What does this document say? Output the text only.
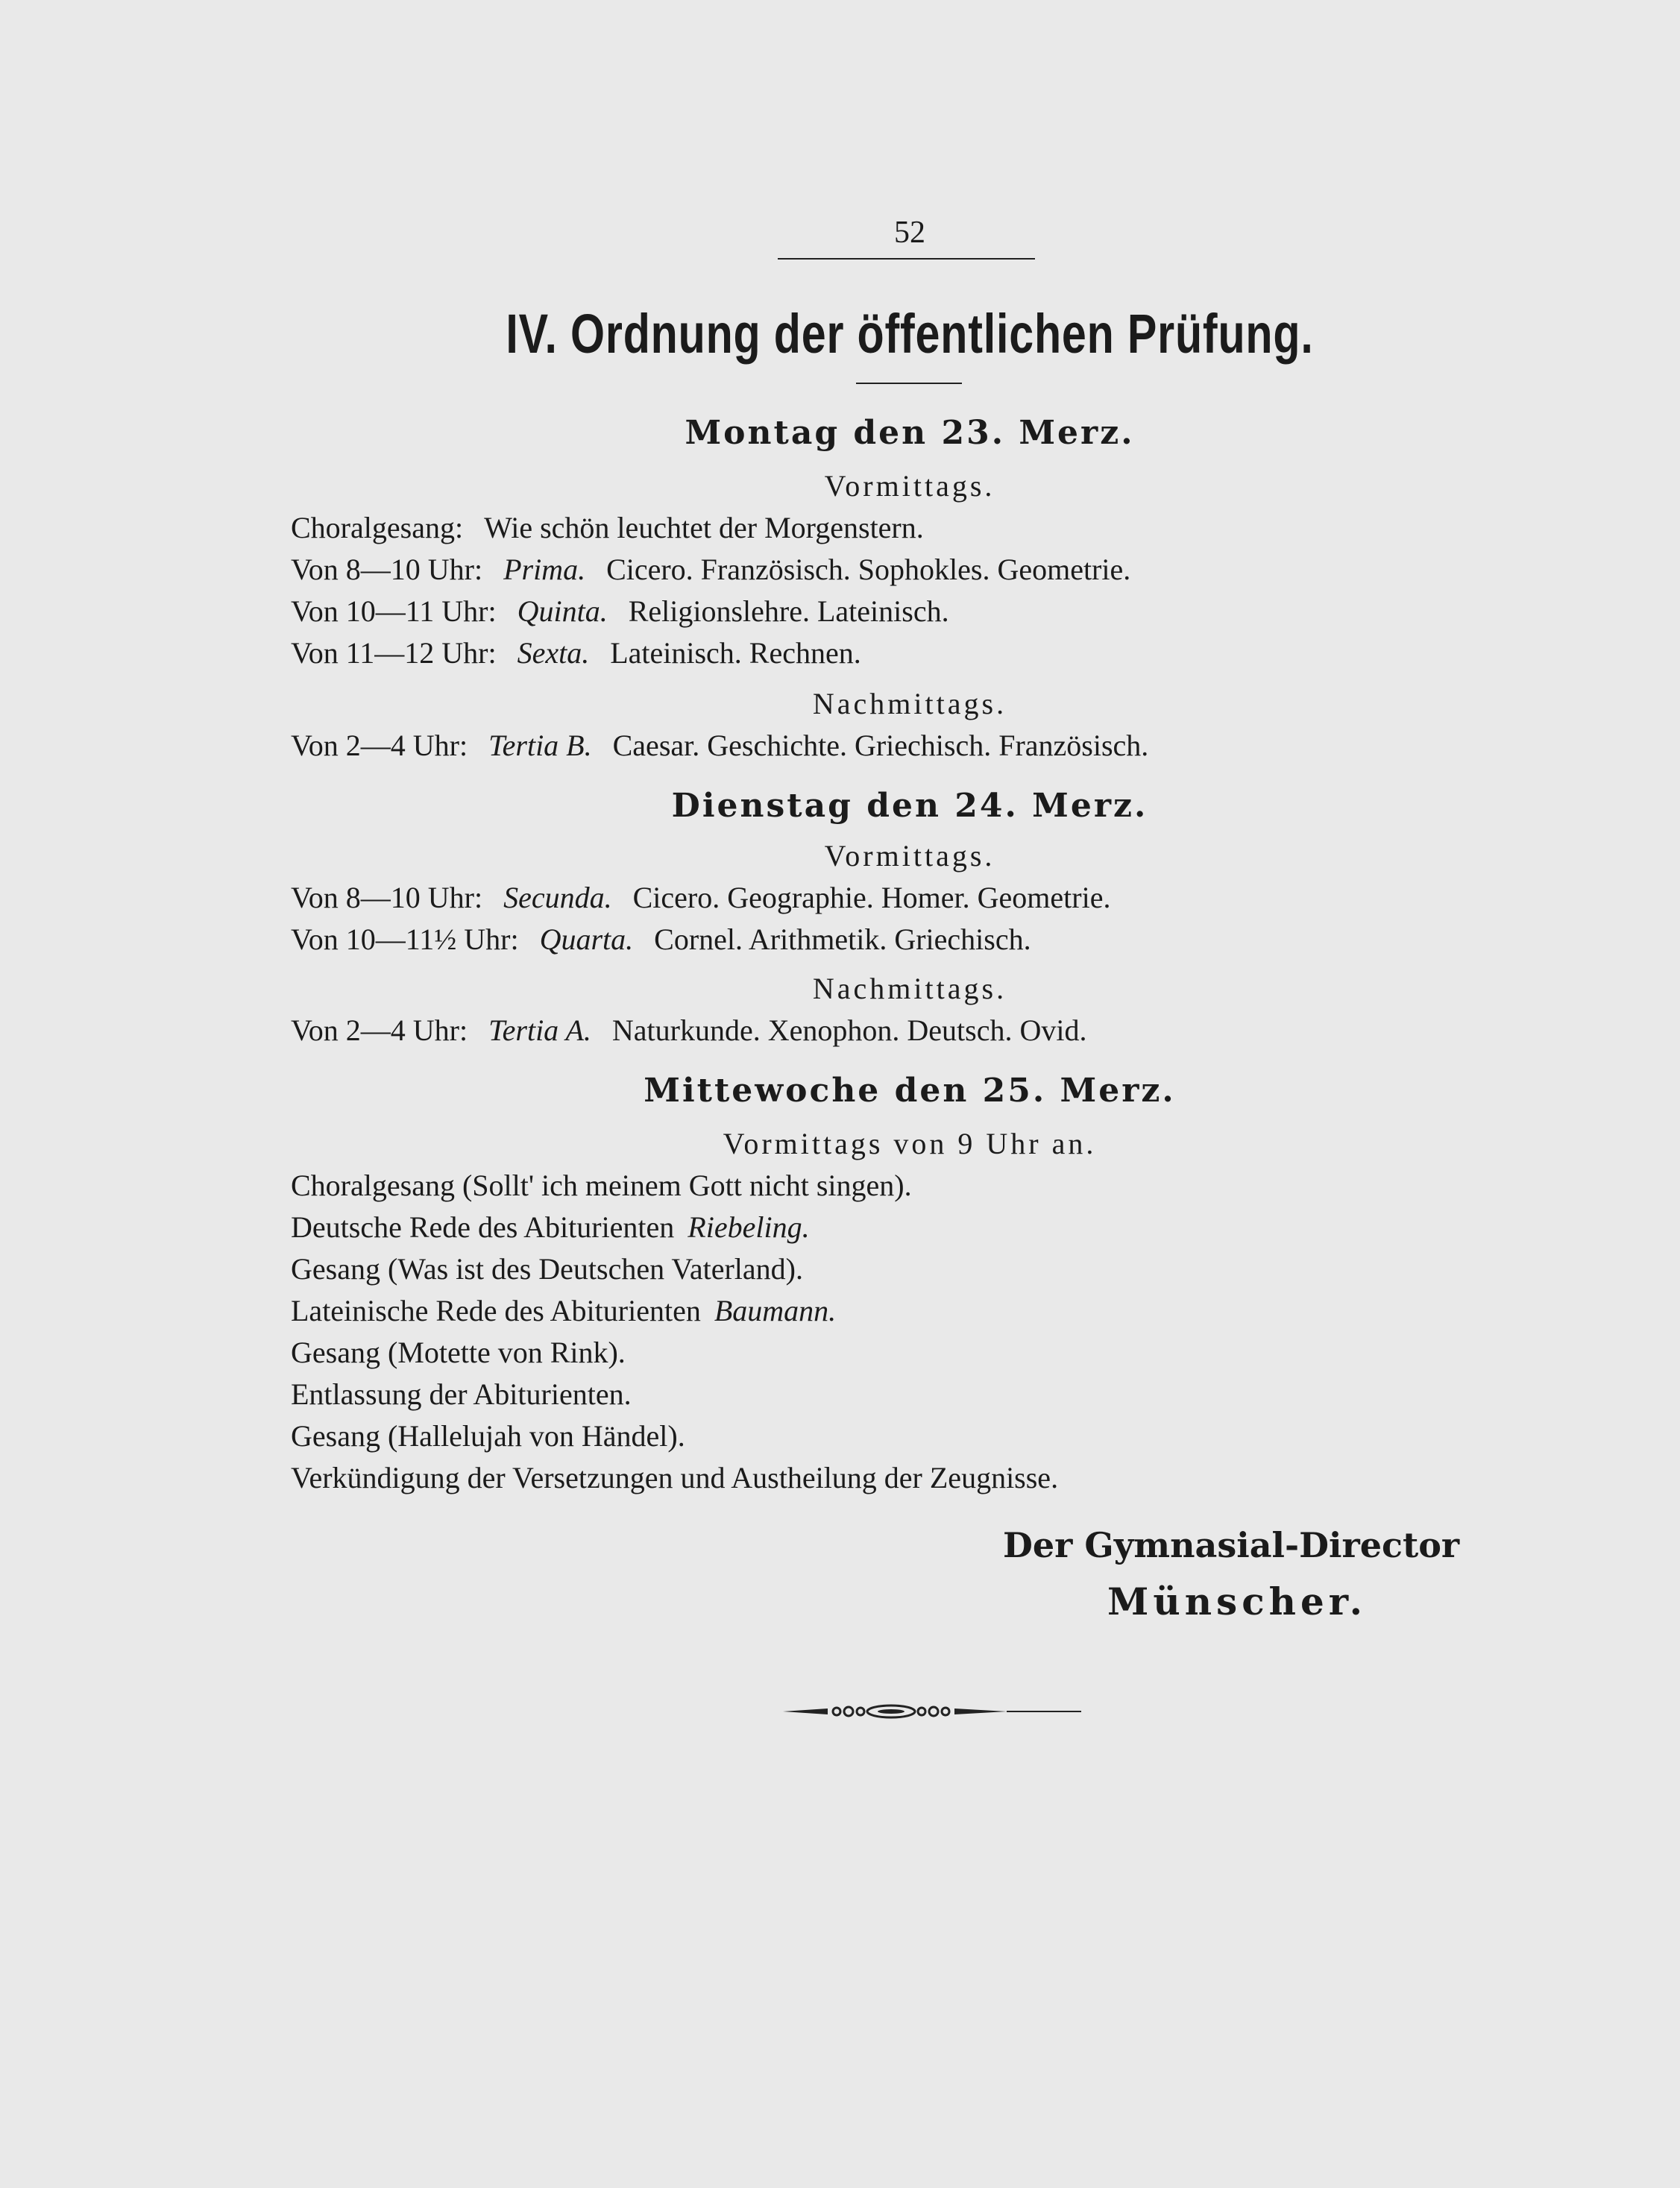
52
IV. Ordnung der öffentlichen Prüfung.
Montag den 23. Merz.
Vormittags.
Choralgesang: Wie schön leuchtet der Morgenstern.
Von 8—10 Uhr: Prima. Cicero. Französisch. Sophokles. Geometrie.
Von 10—11 Uhr: Quinta. Religionslehre. Lateinisch.
Von 11—12 Uhr: Sexta. Lateinisch. Rechnen.
Nachmittags.
Von 2—4 Uhr: Tertia B. Caesar. Geschichte. Griechisch. Französisch.
Dienstag den 24. Merz.
Vormittags.
Von 8—10 Uhr: Secunda. Cicero. Geographie. Homer. Geometrie.
Von 10—11½ Uhr: Quarta. Cornel. Arithmetik. Griechisch.
Nachmittags.
Von 2—4 Uhr: Tertia A. Naturkunde. Xenophon. Deutsch. Ovid.
Mittewoche den 25. Merz.
Vormittags von 9 Uhr an.
Choralgesang (Sollt' ich meinem Gott nicht singen).
Deutsche Rede des Abiturienten Riebeling.
Gesang (Was ist des Deutschen Vaterland).
Lateinische Rede des Abiturienten Baumann.
Gesang (Motette von Rink).
Entlassung der Abiturienten.
Gesang (Hallelujah von Händel).
Verkündigung der Versetzungen und Austheilung der Zeugnisse.
Der Gymnasial-Director
Münscher.
